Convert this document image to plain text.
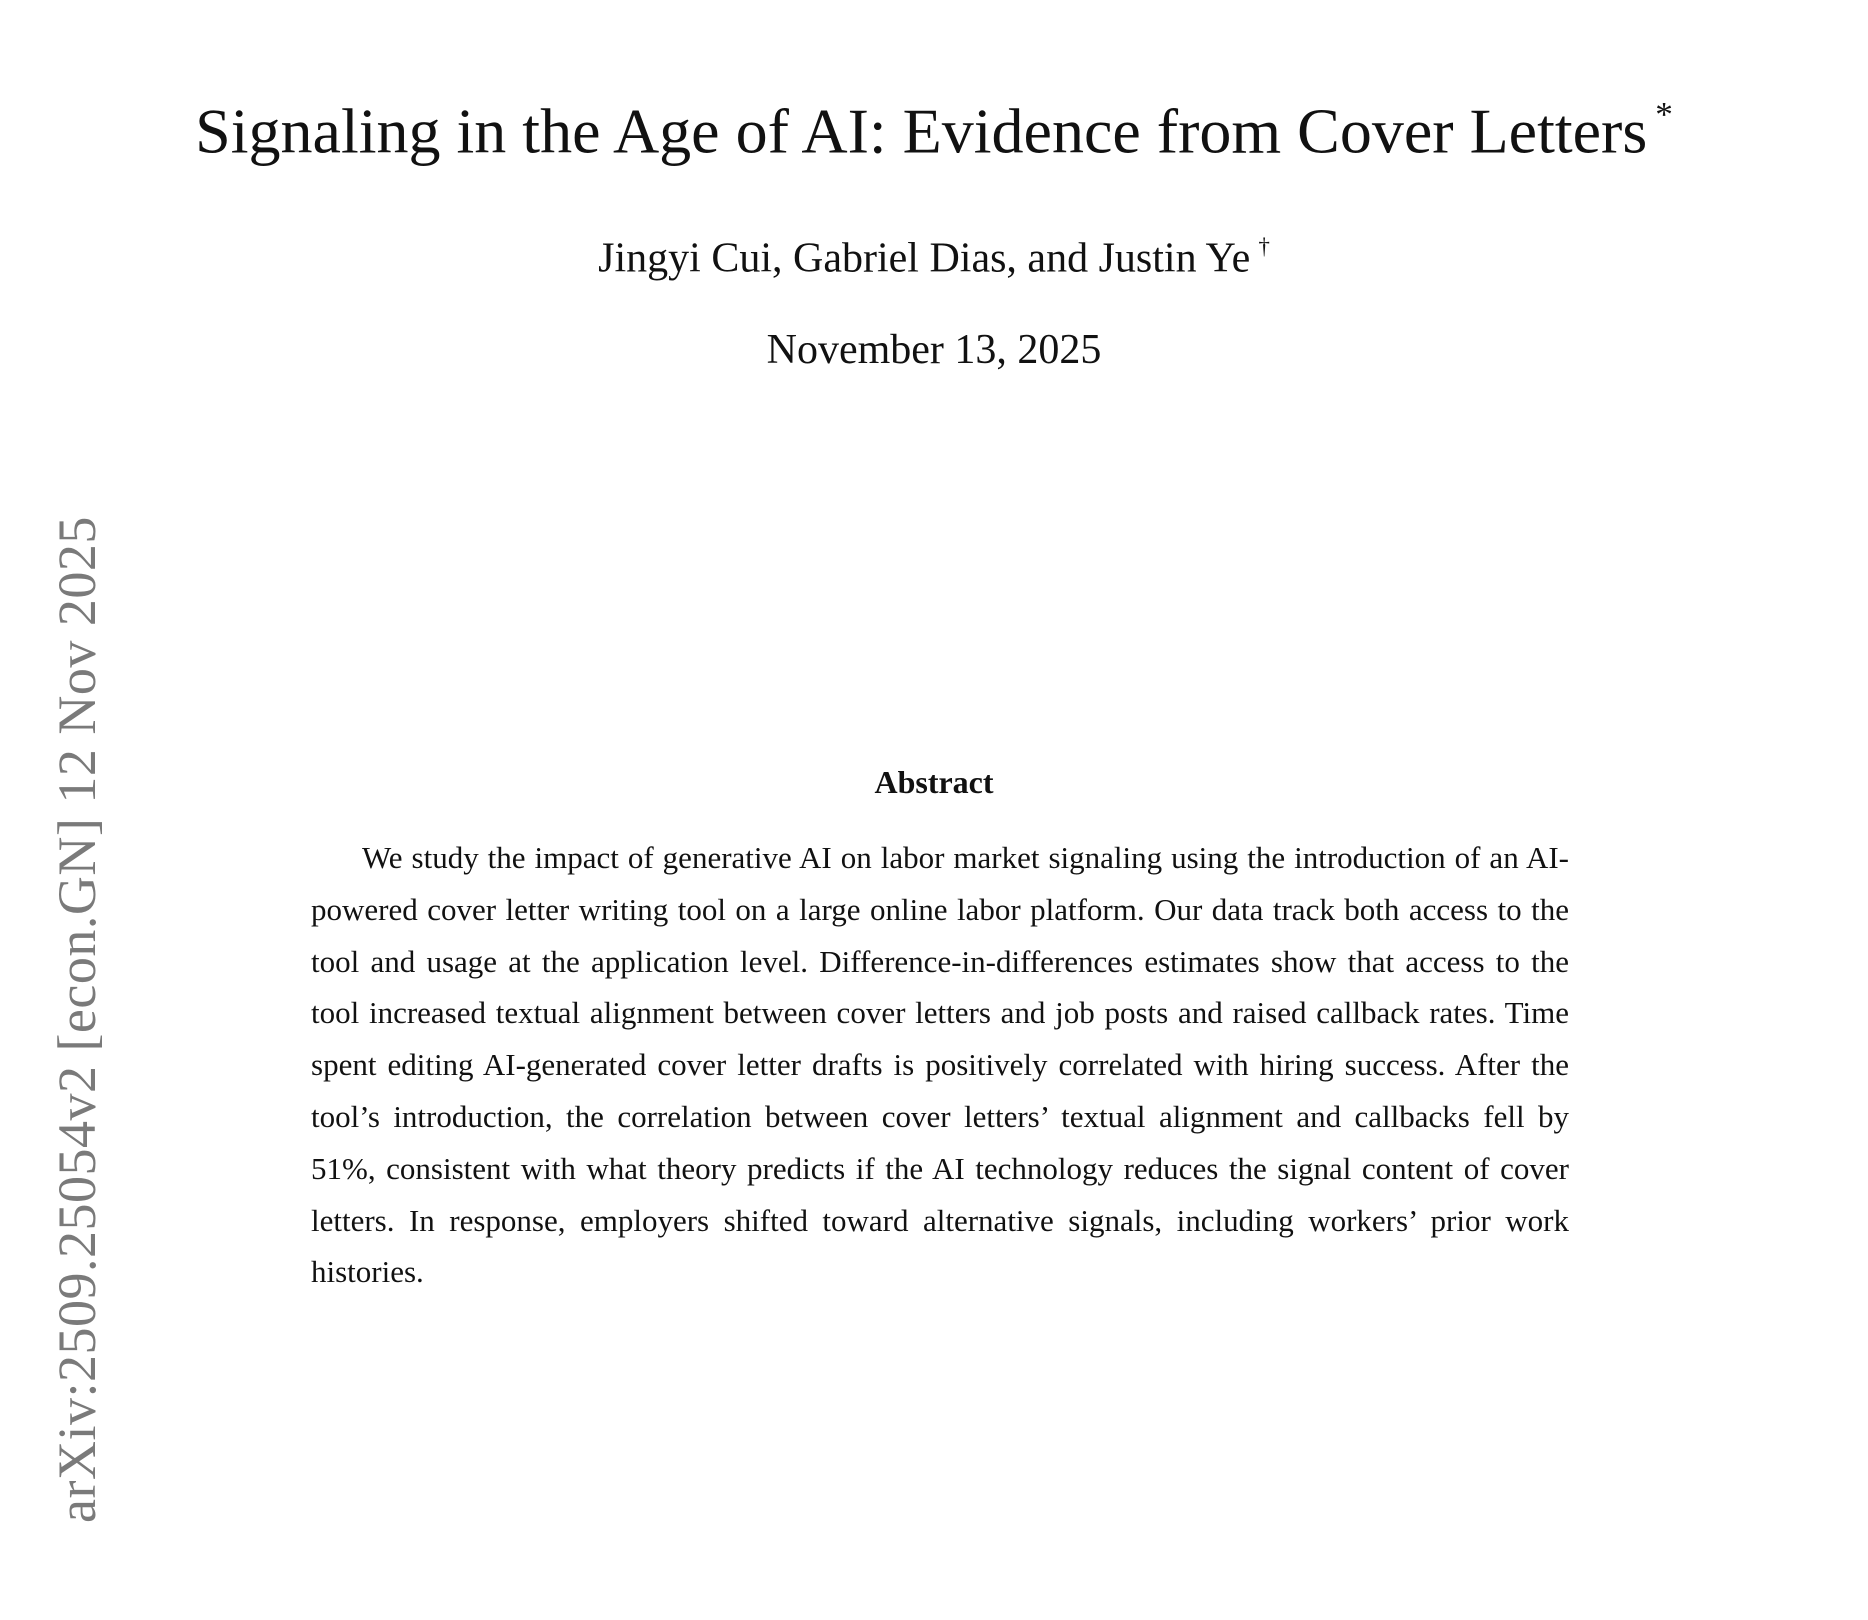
arXiv:2509.25054v2 [econ.GN] 12 Nov 2025
Signaling in the Age of AI: Evidence from Cover Letters *
Jingyi Cui, Gabriel Dias, and Justin Ye †
November 13, 2025
Abstract

We study the impact of generative AI on labor market signaling using the introduction of an AI-powered cover letter writing tool on a large online labor platform. Our data track both access to the tool and usage at the application level. Difference-in-differences estimates show that access to the tool increased textual alignment between cover letters and job posts and raised callback rates. Time spent editing AI-generated cover letter drafts is positively correlated with hiring success. After the tool’s introduction, the correlation between cover letters’ textual alignment and callbacks fell by 51%, consistent with what theory predicts if the AI technology reduces the signal content of cover letters. In response, employers shifted toward alternative signals, including workers’ prior work histories.
